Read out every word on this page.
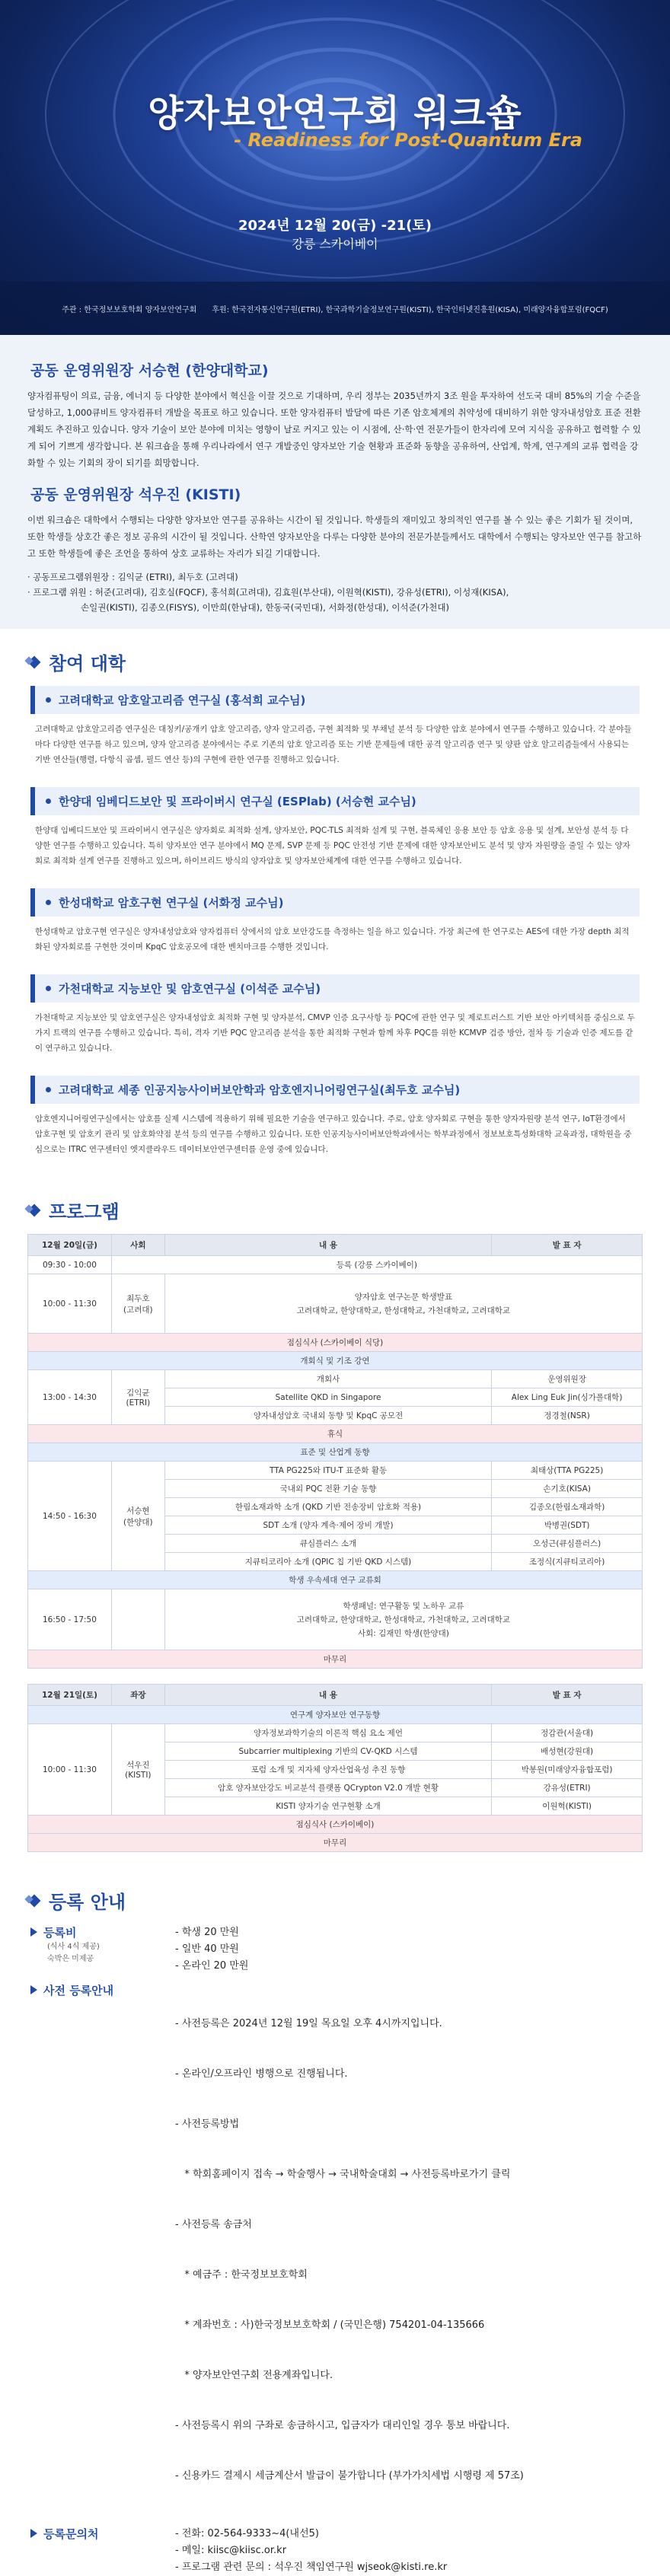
양자보안연구회 워크숍
- Readiness for Post-Quantum Era
2024년 12월 20(금) -21(토)
강릉 스카이베이
주관 : 한국정보보호학회 양자보안연구회 후원: 한국전자통신연구원(ETRI), 한국과학기술정보연구원(KISTI), 한국인터넷진흥원(KISA), 미래양자융합포럼(FQCF)
공동 운영위원장 서승현 (한양대학교)
양자컴퓨팅이 의료, 금융, 에너지 등 다양한 분야에서 혁신을 이끌 것으로 기대하며, 우리 정부는 2035년까지 3조 원을 투자하여 선도국 대비 85%의 기술 수준을 달성하고, 1,000큐비트 양자컴퓨터 개발을 목표로 하고 있습니다. 또한 양자컴퓨터 발달에 따른 기존 암호체계의 취약성에 대비하기 위한 양자내성암호 표준 전환 계획도 추진하고 있습니다. 양자 기술이 보안 분야에 미치는 영향이 날로 커지고 있는 이 시점에, 산·학·연 전문가들이 한자리에 모여 지식을 공유하고 협력할 수 있게 되어 기쁘게 생각합니다. 본 워크숍을 통해 우리나라에서 연구 개발중인 양자보안 기술 현황과 표준화 동향을 공유하여, 산업계, 학계, 연구계의 교류 협력을 강화할 수 있는 기회의 장이 되기를 희망합니다.
공동 운영위원장 석우진 (KISTI)
이번 워크숍은 대학에서 수행되는 다양한 양자보안 연구를 공유하는 시간이 될 것입니다. 학생들의 재미있고 창의적인 연구를 볼 수 있는 좋은 기회가 될 것이며, 또한 학생들 상호간 좋은 정보 공유의 시간이 될 것입니다. 산학연 양자보안을 다루는 다양한 분야의 전문가분들께서도 대학에서 수행되는 양자보안 연구를 참고하고 또한 학생들에 좋은 조언을 통하여 상호 교류하는 자리가 되길 기대합니다.
· 공동프로그램위원장 : 김익균 (ETRI), 최두호 (고려대)
· 프로그램 위원 : 허준(고려대), 김호실(FQCF), 홍석희(고려대), 김효원(부산대), 이원혁(KISTI), 강유성(ETRI), 이성재(KISA),
손일권(KISTI), 김종오(FISYS), 이만희(한남대), 한동국(국민대), 서화정(한성대), 이석준(가천대)
참여 대학
고려대학교 암호알고리즘 연구실 (홍석희 교수님)
고려대학교 암호알고리즘 연구실은 대칭키/공개키 암호 알고리즘, 양자 알고리즘, 구현 최적화 및 부채널 분석 등 다양한 암호 분야에서 연구를 수행하고 있습니다. 각 분야들마다 다양한 연구를 하고 있으며, 양자 알고리즘 분야에서는 주로 기존의 암호 알고리즘 또는 기반 문제들에 대한 공격 알고리즘 연구 및 양판 암호 알고리즘들에서 사용되는 기반 연산들(행렬, 다항식 곱셈, 필드 연산 등)의 구현에 관한 연구를 진행하고 있습니다.
한양대 임베디드보안 및 프라이버시 연구실 (ESPlab) (서승현 교수님)
한양대 임베디드보안 및 프라이버시 연구실은 양자회로 최적화 설계, 양자보안, PQC-TLS 최적화 설계 및 구현, 블록체인 응용 보안 등 암호 응용 및 설계, 보안성 분석 등 다양한 연구를 수행하고 있습니다. 특히 양자보안 연구 분야에서 MQ 문제, SVP 문제 등 PQC 안전성 기반 문제에 대한 양자보안비도 분석 및 양자 자원량을 줄일 수 있는 양자회로 최적화 설계 연구를 진행하고 있으며, 하이브리드 방식의 양자암호 및 양자보안체계에 대한 연구를 수행하고 있습니다.
한성대학교 암호구현 연구실 (서화정 교수님)
한성대학교 암호구현 연구실은 양자내성암호와 양자컴퓨터 상에서의 암호 보안강도를 측정하는 일을 하고 있습니다. 가장 최근에 한 연구로는 AES에 대한 가장 depth 최적화된 양자회로를 구현한 것이며 KpqC 암호공모에 대한 벤치마크를 수행한 것입니다.
가천대학교 지능보안 및 암호연구실 (이석준 교수님)
가천대학교 지능보안 및 암호연구실은 양자내성암호 최적화 구현 및 양자분석, CMVP 인증 요구사항 등 PQC에 관한 연구 및 제로트러스트 기반 보안 아키텍처를 중심으로 두 가지 트랙의 연구를 수행하고 있습니다. 특히, 격자 기반 PQC 알고리즘 분석을 통한 최적화 구현과 함께 차후 PQC를 위한 KCMVP 검증 방안, 절차 등 기술과 인증 제도를 같이 연구하고 있습니다.
고려대학교 세종 인공지능사이버보안학과 암호엔지니어링연구실(최두호 교수님)
암호엔지니어링연구실에서는 암호를 실제 시스템에 적용하기 위해 필요한 기술을 연구하고 있습니다. 주로, 암호 양자회로 구현을 통한 양자자원량 분석 연구, IoT환경에서 암호구현 및 암호키 관리 및 암호화약점 분석 등의 연구를 수행하고 있습니다. 또한 인공지능사이버보안학과에서는 학부과정에서 정보보호특성화대학 교육과정, 대학원을 중심으로는 ITRC 연구센터인 엣지클라우드 데이터보안연구센터를 운영 중에 있습니다.
프로그램
12월 20일(금)	사회	내 용	발 표 자
09:30 - 10:00	등록 (강릉 스카이베이)		
10:00 - 11:30	최두호
(고려대)	양자암호 연구논문 학생발표
고려대학교, 한양대학교, 한성대학교, 가천대학교, 고려대학교	
점심식사 (스카이베이 식당)			
개회식 및 기조 강연			
13:00 - 14:30	김익균
(ETRI)	개회사	운영위원장
		Satellite QKD in Singapore	Alex Ling Euk Jin(싱가폴대학)
		양자내성암호 국내외 동향 및 KpqC 공모전	정경철(NSR)
휴식			
표준 및 산업계 동향			
14:50 - 16:30	서승현
(한양대)	TTA PG225와 ITU-T 표준화 활동	최태상(TTA PG225)
		국내외 PQC 전환 기술 동향	손기호(KISA)
		한림소재과학 소개 (QKD 기반 전송장비 암호화 적용)	김종오(한림소재과학)
		SDT 소개 (양자 계측·제어 장비 개발)	박병권(SDT)
		큐심플러스 소개	오성근(큐심플러스)
		지큐티코리아 소개 (QPIC 칩 기반 QKD 시스템)	조정식(지큐티코리아)
학생 우속세대 연구 교류회			
16:50 - 17:50		학생패널: 연구활동 및 노하우 교류
고려대학교, 한양대학교, 한성대학교, 가천대학교, 고려대학교
사회: 김재민 학생(한양대)	
마무리			
12월 21일(토)	좌장	내 용	발 표 자
연구계 양자보안 연구동향			
10:00 - 11:30	석우진
(KISTI)	양자정보과학기술의 이론적 핵심 요소 제언	정감관(서울대)
		Subcarrier multiplexing 기반의 CV-QKD 시스템	배성현(강원대)
		포럼 소개 및 지자체 양자산업육성 추진 동향	박봉원(미래양자융합포럼)
		암호 양자보안강도 비교분석 플랫폼 QCrypton V2.0 개발 현황	강유성(ETRI)
		KISTI 양자기술 연구현황 소개	이원혁(KISTI)
점심식사 (스카이베이)			
마무리			
등록 안내
등록비
(식사 4식 제공)
숙박은 미제공
- 학생 20 만원
- 일반 40 만원
- 온라인 20 만원
사전 등록안내

- 사전등록은 2024년 12월 19일 목요일 오후 4시까지입니다.

- 온라인/오프라인 병행으로 진행됩니다.

- 사전등록방법

* 학회홈페이지 접속 → 학술행사 → 국내학술대회 → 사전등록바로가기 클릭

- 사전등록 송금처

* 예금주 : 한국정보보호학회

* 계좌번호 : 사)한국정보보호학회 / (국민은행) 754201-04-135666

* 양자보안연구회 전용계좌입니다.

- 사전등록시 위의 구좌로 송금하시고, 입금자가 대리인일 경우 통보 바랍니다.

- 신용카드 결제시 세금계산서 발급이 불가합니다 (부가가치세법 시행령 제 57조)

등록문의처	- 전화: 02-564-9333~4(내선5)
- 메일: kiisc@kiisc.or.kr
- 프로그램 관련 문의 : 석우진 책임연구원 wjseok@kisti.re.kr
